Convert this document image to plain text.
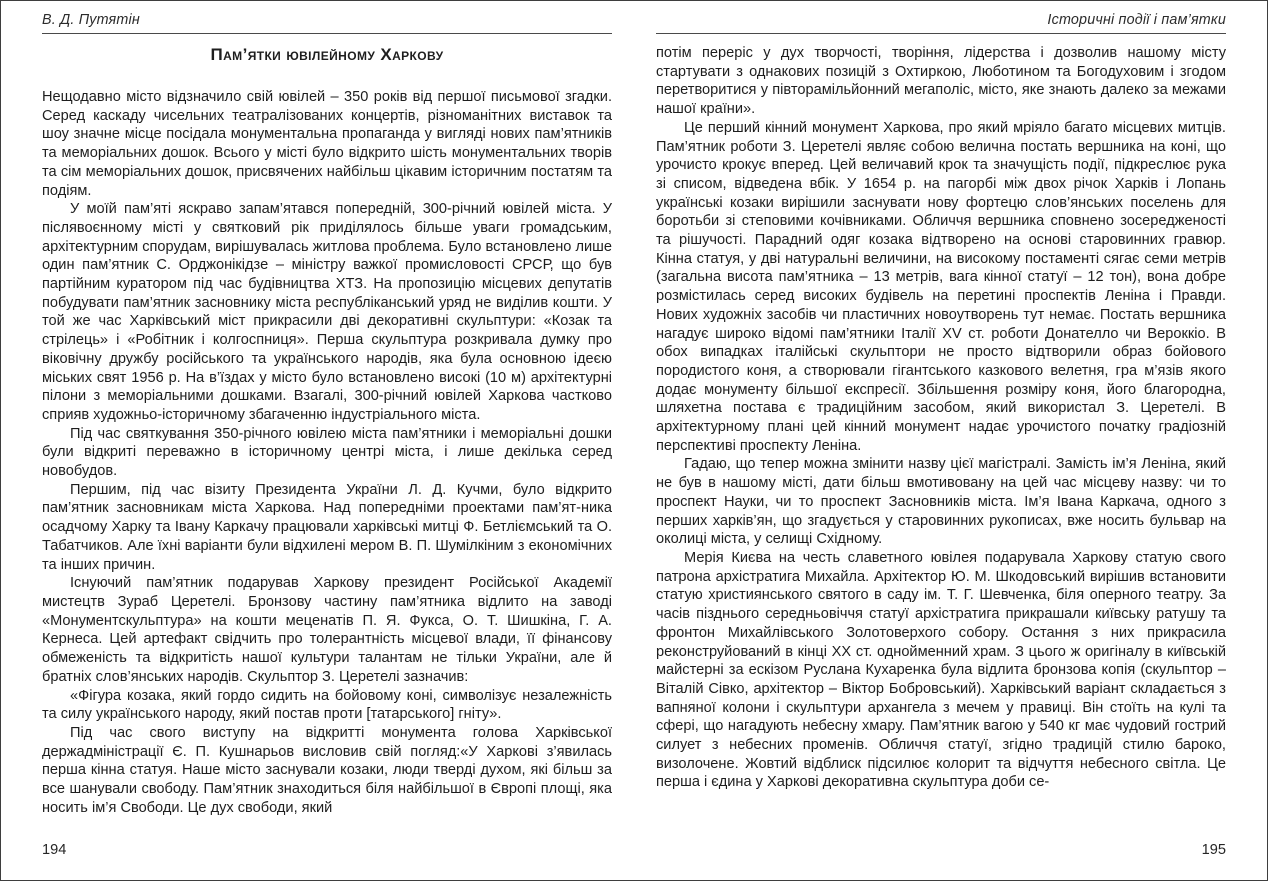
В. Д. Путятін
Пам’ятки ювілейному Харкову

Нещодавно місто відзначило свій ювілей – 350 років від першої письмової згадки. Серед каскаду чисельних театралізованих концертів, різноманітних виставок та шоу значне місце посідала монументальна пропаганда у вигляді нових пам’ятників та меморіальних дошок. Всього у місті було відкрито шість монументальних творів та сім меморіальних дошок, присвячених найбільш цікавим історичним постатям та подіям.

У моїй пам’яті яскраво запам’ятався попередній, 300-річний ювілей міста. У післявоєнному місті у святковий рік приділялось більше уваги громадським, архітектурним спорудам, вирішувалась житлова проблема. Було встановлено лише один пам’ятник С. Орджонікідзе – міністру важкої промисловості СРСР, що був партійним куратором під час будівництва ХТЗ. На пропозицію місцевих депутатів побудувати пам’ятник засновнику міста республіканський уряд не виділив кошти. У той же час Харківський міст прикрасили дві декоративні скульптури: «Козак та стрілець» і «Робітник і колгоспниця». Перша скульптура розкривала думку про віковічну дружбу російського та українського народів, яка була основною ідеєю міських свят 1956 р. На в’їздах у місто було встановлено високі (10 м) архітектурні пілони з меморіальними дошками. Взагалі, 300-річний ювілей Харкова частково сприяв художньо-історичному збагаченню індустріального міста.

Під час святкування 350-річного ювілею міста пам’ятники і меморіальні дошки були відкриті переважно в історичному центрі міста, і лише декілька серед новобудов.

Першим, під час візиту Президента України Л. Д. Кучми, було відкрито пам’ятник засновникам міста Харкова. Над попередніми проектами пам’ят-ника осадчому Харку та Івану Каркачу працювали харківські митці Ф. Бетліємський та О. Табатчиков. Але їхні варіанти були відхилені мером В. П. Шумілкіним з економічних та інших причин.

Існуючий пам’ятник подарував Харкову президент Російської Академії мистецтв Зураб Церетелі. Бронзову частину пам’ятника відлито на заводі «Монументскульптура» на кошти меценатів П. Я. Фукса, О. Т. Шишкіна, Г. А. Кернеса. Цей артефакт свідчить про толерантність місцевої влади, її фінансову обмеженість та відкритість нашої культури талантам не тільки України, але й братніх слов’янських народів. Скульптор З. Церетелі зазначив:

«Фігура козака, який гордо сидить на бойовому коні, символізує незалежність та силу українського народу, який постав проти [татарського] гніту».

Під час свого виступу на відкритті монумента голова Харківської держадміністрації Є. П. Кушнарьов висловив свій погляд:«У Харкові з’явилась перша кінна статуя. Наше місто заснували козаки, люди тверді духом, які більш за все шанували свободу. Пам’ятник знаходиться біля найбільшої в Європі площі, яка носить ім’я Свободи. Це дух свободи, який

194
Історичні події і пам’ятки

потім переріс у дух творчості, творіння, лідерства і дозволив нашому місту стартувати з однакових позицій з Охтиркою, Люботином та Богодуховим і згодом перетворитися у півторамільйонний мегаполіс, місто, яке знають далеко за межами нашої країни».

Це перший кінний монумент Харкова, про який мріяло багато місцевих митців. Пам’ятник роботи З. Церетелі являє собою велична постать вершника на коні, що урочисто крокує вперед. Цей величавий крок та значущість події, підкреслює рука зі списом, відведена вбік. У 1654 р. на пагорбі між двох річок Харків і Лопань українські козаки вирішили заснувати нову фортецю слов’янських поселень для боротьби зі степовими кочівниками. Обличчя вершника сповнено зосередженості та рішучості. Парадний одяг козака відтворено на основі старовинних гравюр. Кінна статуя, у дві натуральні величини, на високому постаменті сягає семи метрів (загальна висота пам’ятника – 13 метрів, вага кінної статуї – 12 тон), вона добре розмістилась серед високих будівель на перетині проспектів Леніна і Правди. Нових художніх засобів чи пластичних новоутворень тут немає. Постать вершника нагадує широко відомі пам’ятники Італії XV ст. роботи Донателло чи Вероккіо. В обох випадках італійські скульптори не просто відтворили образ бойового породистого коня, а створювали гігантського казкового велетня, гра м’язів якого додає монументу більшої експресії. Збільшення розміру коня, його благородна, шляхетна постава є традиційним засобом, який використал З. Церетелі. В архітектурному плані цей кінний монумент надає урочистого початку градіозній перспективі проспекту Леніна.

Гадаю, що тепер можна змінити назву цієї магістралі. Замість ім’я Леніна, який не був в нашому місті, дати більш вмотивовану на цей час місцеву назву: чи то проспект Науки, чи то проспект Засновників міста. Ім’я Івана Каркача, одного з перших харків’ян, що згадується у старовинних рукописах, вже носить бульвар на околиці міста, у селищі Східному.

Мерія Києва на честь славетного ювілея подарувала Харкову статую свого патрона архістратига Михайла. Архітектор Ю. М. Шкодовський вирішив встановити статую християнського святого в саду ім. Т. Г. Шевченка, біля оперного театру. За часів пізднього середньовіччя статуї архістратига прикрашали київську ратушу та фронтон Михайлівського Золотоверхого собору. Остання з них прикрасила реконструйований в кінці ХХ ст. однойменний храм. З цього ж оригіналу в київській майстерні за ескізом Руслана Кухаренка була відлита бронзова копія (скульптор – Віталій Сівко, архітектор – Віктор Бобровський). Харківський варіант складається з вапняної колони і скульптури архангела з мечем у правиці. Він стоїть на кулі та сфері, що нагадують небесну хмару. Пам’ятник вагою у 540 кг має чудовий гострий силует з небесних променів. Обличчя статуї, згідно традицій стилю бароко, визолочене. Жовтий відблиск підсилює колорит та відчуття небесного світла. Це перша і єдина у Харкові декоративна скульптура доби се-

195
